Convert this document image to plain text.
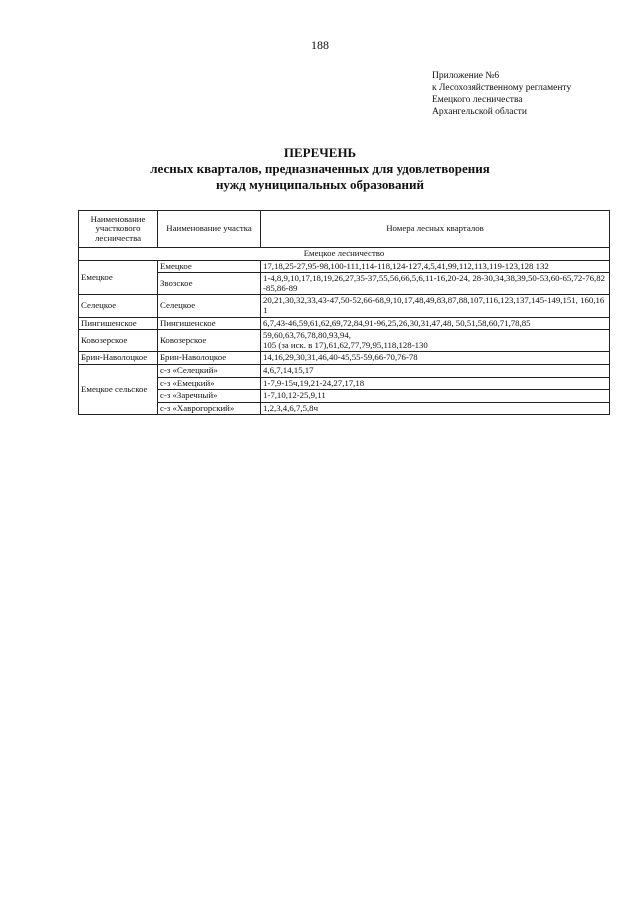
188
Приложение №6
к Лесохозяйственному регламенту
Емецкого лесничества
Архангельской области
ПЕРЕЧЕНЬ
лесных кварталов, предназначенных для удовлетворения
нужд муниципальных образований
Наименование участкового лесничества	Наименование участка	Номера лесных кварталов
Емецкое лесничество		
Емецкое	Емецкое	17,18,25-27,95-98,100-111,114-118,124-127,4,5,41,99,112,113,119-123,128 132
	Звозское	1-4,8,9,10,17,18,19,26,27,35-37,55,56,66,5,6,11-16,20-24, 28-30,34,38,39,50-53,60-65,72-76,82-85,86-89
Селецкое	Селецкое	20,21,30,32,33,43-47,50-52,66-68,9,10,17,48,49,83,87,88,107,116,123,137,145-149,151, 160,161
Пингишенское	Пингишенское	6,7,43-46,59,61,62,69,72,84,91-96,25,26,30,31,47,48, 50,51,58,60,71,78,85
Ковозерское	Ковозерское	59,60,63,76,78,80,93,94,
105 (за иск. в 17),61,62,77,79,95,118,128-130

Брин-Наволоцкое	Брин-Наволоцкое	14,16,29,30,31,46,40-45,55-59,66-70,76-78
Емецкое сельское	с-з «Селецкий»	4,6,7,14,15,17
	с-з «Емецкий»	1-7,9-15ч,19,21-24,27,17,18
	с-з «Заречный»	1-7,10,12-25,9,11
	с-з «Хаврогорский»	1,2,3,4,6,7,5,8ч
